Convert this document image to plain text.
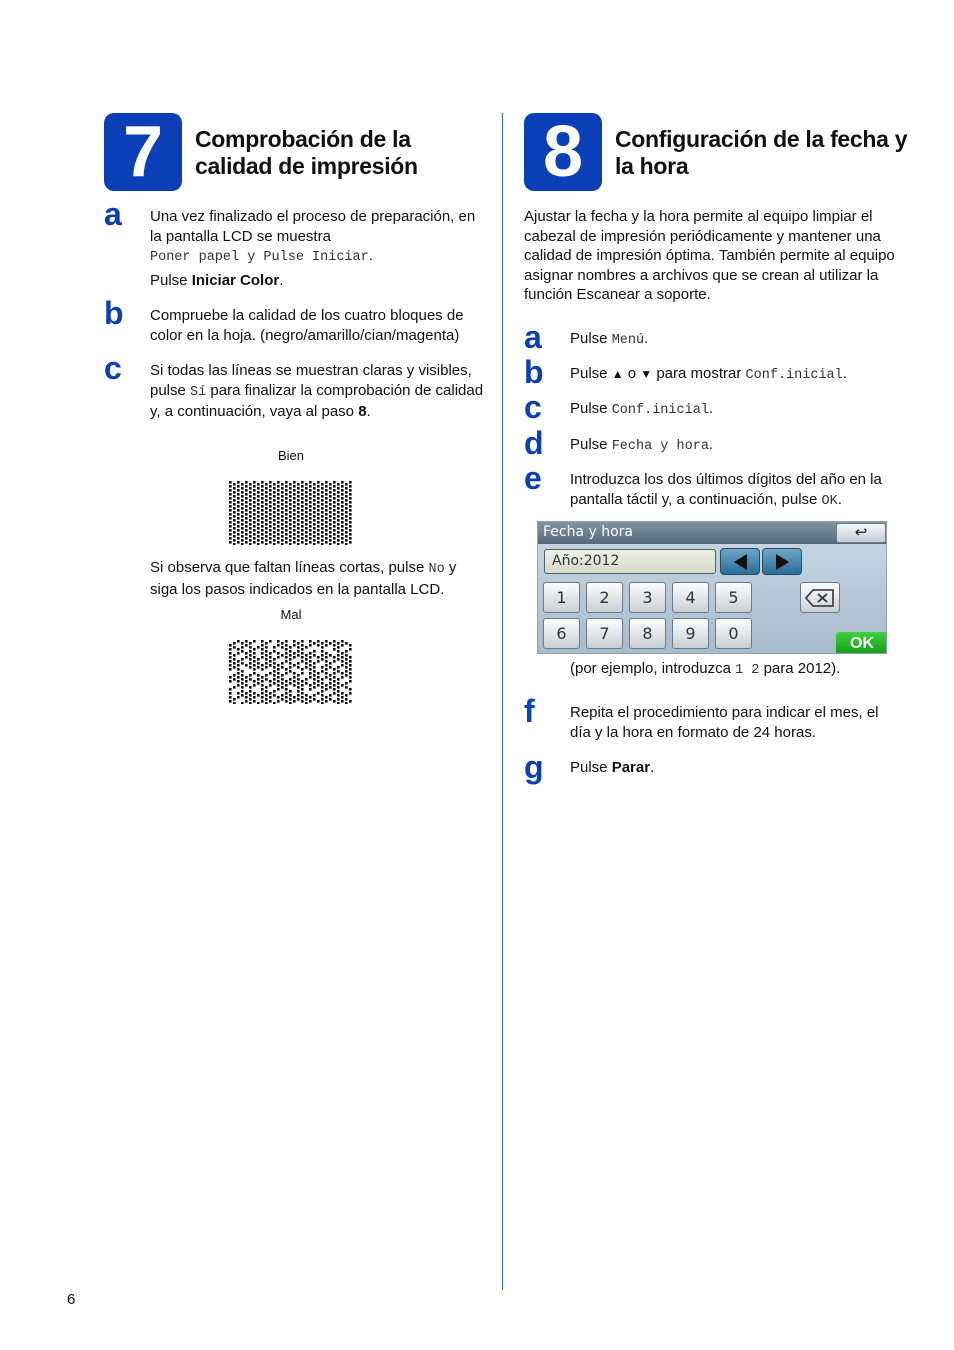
7	Comprobación de la calidad de impresión
a Una vez finalizado el proceso de preparación, en la pantalla LCD se muestra
Poner papel y Pulse Iniciar.
Pulse Iniciar Color.
b Compruebe la calidad de los cuatro bloques de color en la hoja. (negro/amarillo/cian/magenta)
c Si todas las líneas se muestran claras y visibles, pulse Sí para finalizar la comprobación de calidad y, a continuación, vaya al paso 8.
Bien
Si observa que faltan líneas cortas, pulse No y siga los pasos indicados en la pantalla LCD.
Mal
8	Configuración de la fecha y la hora
Ajustar la fecha y la hora permite al equipo limpiar el cabezal de impresión periódicamente y mantener una calidad de impresión óptima. También permite al equipo asignar nombres a archivos que se crean al utilizar la función Escanear a soporte.
a Pulse Menú.
b Pulse ▲ o ▼ para mostrar Conf.inicial.
c Pulse Conf.inicial.
d Pulse Fecha y hora.
e Introduzca los dos últimos dígitos del año en la pantalla táctil y, a continuación, pulse OK.
Fecha y hora	↩
Año:2012
1	2	3	4	5
6	7	8	9	0
OK
(por ejemplo, introduzca 1 2 para 2012).
f Repita el procedimiento para indicar el mes, el día y la hora en formato de 24 horas.
g Pulse Parar.
6
